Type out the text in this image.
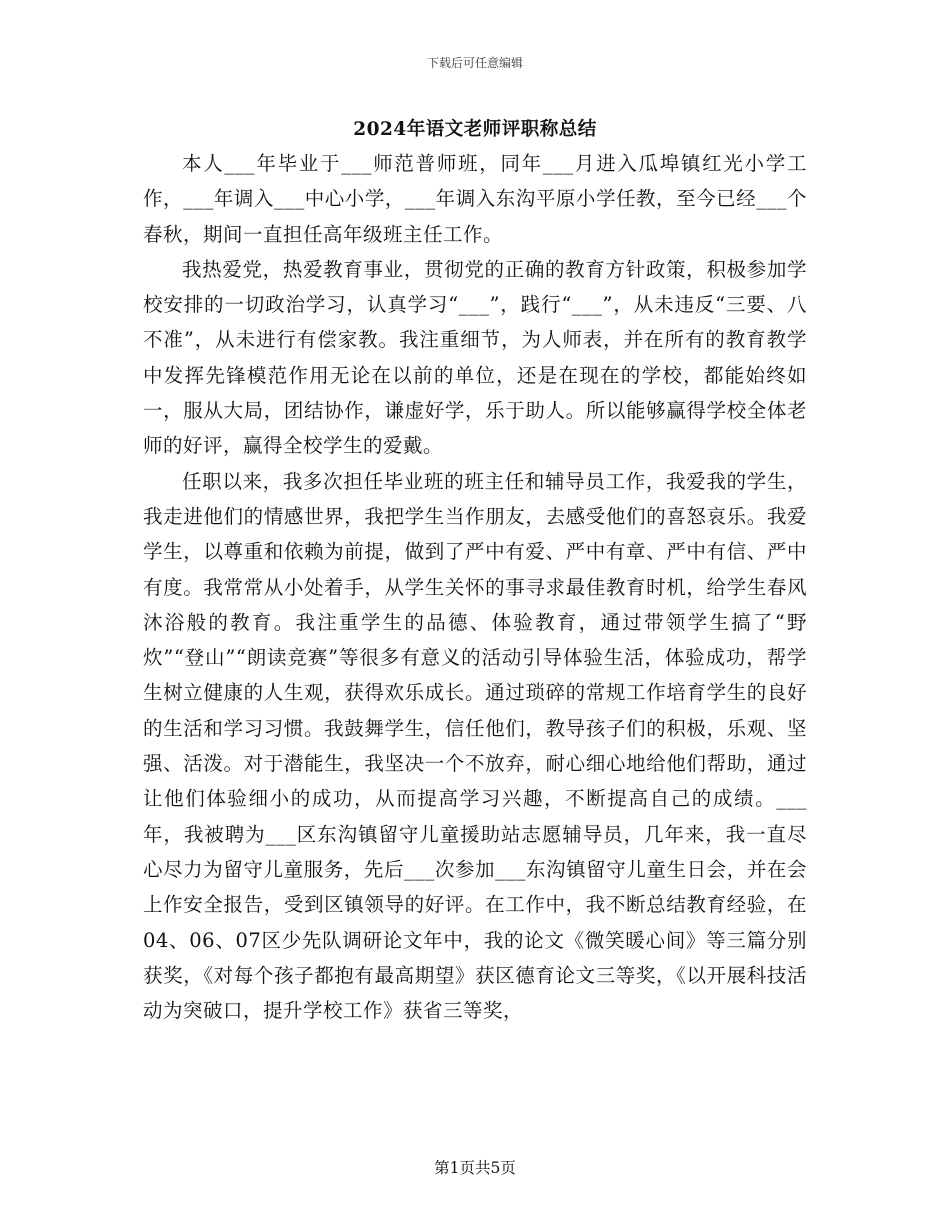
下载后可任意编辑
2024年语文老师评职称总结

本人___年毕业于___师范普师班，同年___月进入瓜埠镇红光小学工作，___年调入___中心小学，___年调入东沟平原小学任教，至今已经___个春秋，期间一直担任高年级班主任工作。

我热爱党，热爱教育事业，贯彻党的正确的教育方针政策，积极参加学校安排的一切政治学习，认真学习“___”，践行“___”，从未违反“三要、八不准”，从未进行有偿家教。我注重细节，为人师表，并在所有的教育教学中发挥先锋模范作用无论在以前的单位，还是在现在的学校，都能始终如一，服从大局，团结协作，谦虚好学，乐于助人。所以能够赢得学校全体老师的好评，赢得全校学生的爱戴。

任职以来，我多次担任毕业班的班主任和辅导员工作，我爱我的学生，我走进他们的情感世界，我把学生当作朋友，去感受他们的喜怒哀乐。我爱学生，以尊重和依赖为前提，做到了严中有爱、严中有章、严中有信、严中有度。我常常从小处着手，从学生关怀的事寻求最佳教育时机，给学生春风沐浴般的教育。我注重学生的品德、体验教育，通过带领学生搞了“野炊”“登山”“朗读竞赛”等很多有意义的活动引导体验生活，体验成功，帮学生树立健康的人生观，获得欢乐成长。通过琐碎的常规工作培育学生的良好的生活和学习习惯。我鼓舞学生，信任他们，教导孩子们的积极，乐观、坚强、活泼。对于潜能生，我坚决一个不放弃，耐心细心地给他们帮助，通过让他们体验细小的成功，从而提高学习兴趣，不断提高自己的成绩。___年，我被聘为___区东沟镇留守儿童援助站志愿辅导员，几年来，我一直尽心尽力为留守儿童服务，先后___次参加___东沟镇留守儿童生日会，并在会上作安全报告，受到区镇领导的好评。在工作中，我不断总结教育经验，在04、06、07区少先队调研论文年中，我的论文《微笑暖心间》等三篇分别获奖，《对每个孩子都抱有最高期望》获区德育论文三等奖，《以开展科技活动为突破口，提升学校工作》获省三等奖，

第1页共5页
